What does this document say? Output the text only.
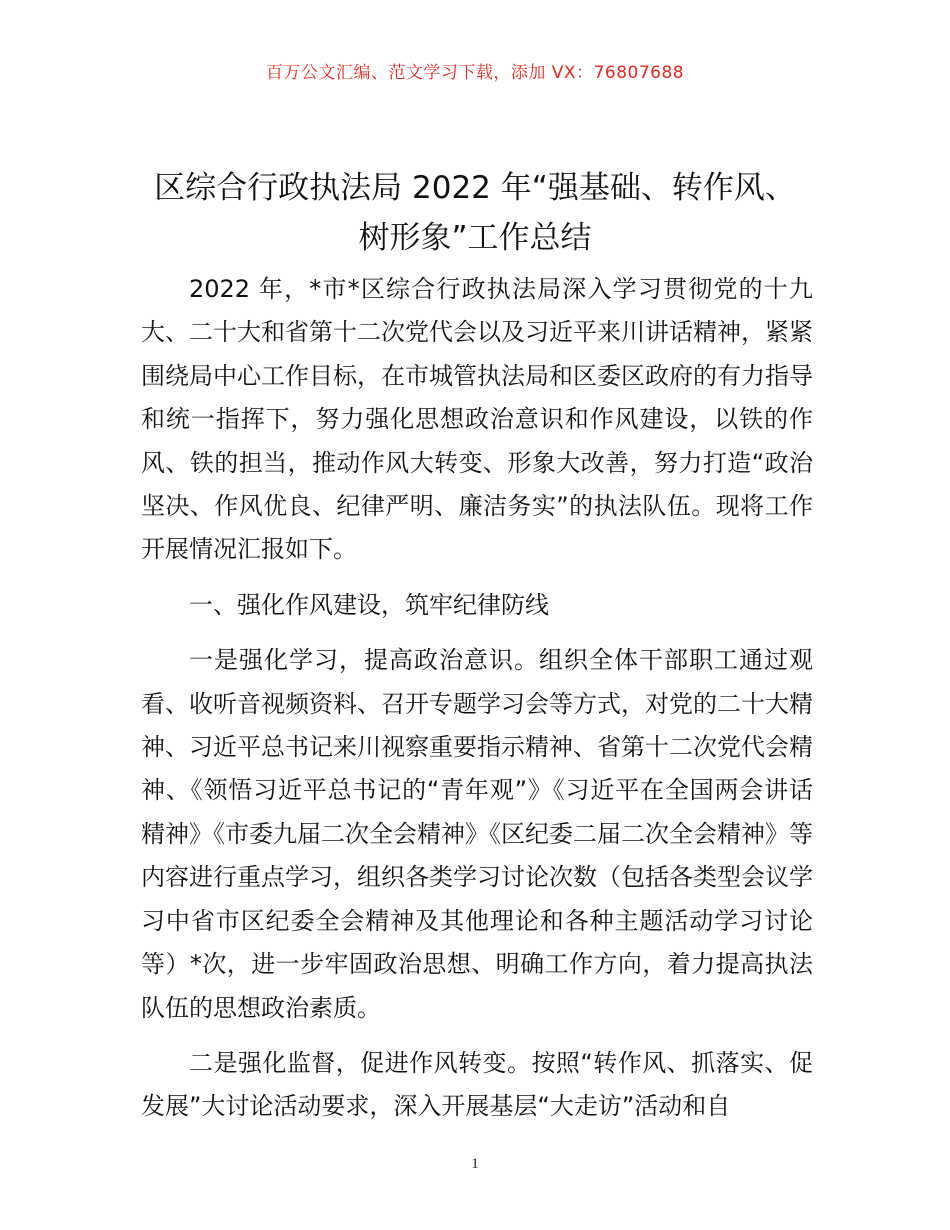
百万公文汇编、范文学习下载，添加 VX：76807688
区综合行政执法局 2022 年“强基础、转作风、
树形象”工作总结

2022 年，*市*区综合行政执法局深入学习贯彻党的十九大、二十大和省第十二次党代会以及习近平来川讲话精神，紧紧围绕局中心工作目标，在市城管执法局和区委区政府的有力指导和统一指挥下，努力强化思想政治意识和作风建设，以铁的作风、铁的担当，推动作风大转变、形象大改善，努力打造“政治坚决、作风优良、纪律严明、廉洁务实”的执法队伍。现将工作开展情况汇报如下。

一、强化作风建设，筑牢纪律防线

一是强化学习，提高政治意识。组织全体干部职工通过观看、收听音视频资料、召开专题学习会等方式，对党的二十大精神、习近平总书记来川视察重要指示精神、省第十二次党代会精神、《领悟习近平总书记的“青年观”》《习近平在全国两会讲话精神》《市委九届二次全会精神》《区纪委二届二次全会精神》等内容进行重点学习，组织各类学习讨论次数（包括各类型会议学习中省市区纪委全会精神及其他理论和各种主题活动学习讨论等）*次，进一步牢固政治思想、明确工作方向，着力提高执法队伍的思想政治素质。

二是强化监督，促进作风转变。按照“转作风、抓落实、促发展”大讨论活动要求，深入开展基层“大走访”活动和自

1
